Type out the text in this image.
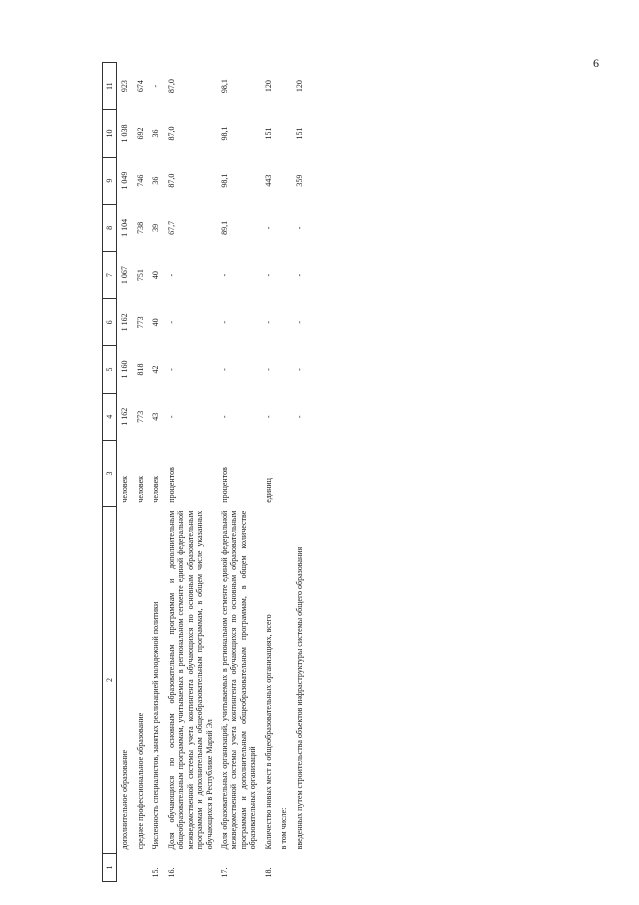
6
1	2	3	4	5	6	7	8	9	10	11
	дополнительное образование	человек	1 162	1 160	1 162	1 067	1 104	1 049	1 038	923
	среднее профессиональное образование	человек	773	818	773	751	738	746	692	674
15.	Численность специалистов, занятых реализацией молодежной политики	человек	43	42	40	40	39	36	36	-
16.	Доля обучающихся по основным образовательным программам и дополнительным общеобразовательным программам, учитываемых в региональном сегменте единой федеральной межведомственной системы учета контингента обучающихся по основным образовательным программам и дополнительным общеобразовательным программам, в общем числе указанных обучающихся в Республике Марий Эл	процентов	-	-	-	-	67,7	87,0	87,0	87,0
17.	Доля образовательных организаций, учитываемых в региональном сегменте единой федеральной межведомственной системы учета контингента обучающихся по основным образовательным программам и дополнительным общеобразовательным программам, в общем количестве образовательных организаций	процентов	-	-	-	-	89,1	98,1	98,1	98,1
18.	Количество новых мест в общеобразовательных организациях, всего	единиц	-	-	-	-	-	443	151	120
	в том числе:									
	введенных путем строительства объектов инфраструктуры системы общего образования		-	-	-	-	-	359	151	120
